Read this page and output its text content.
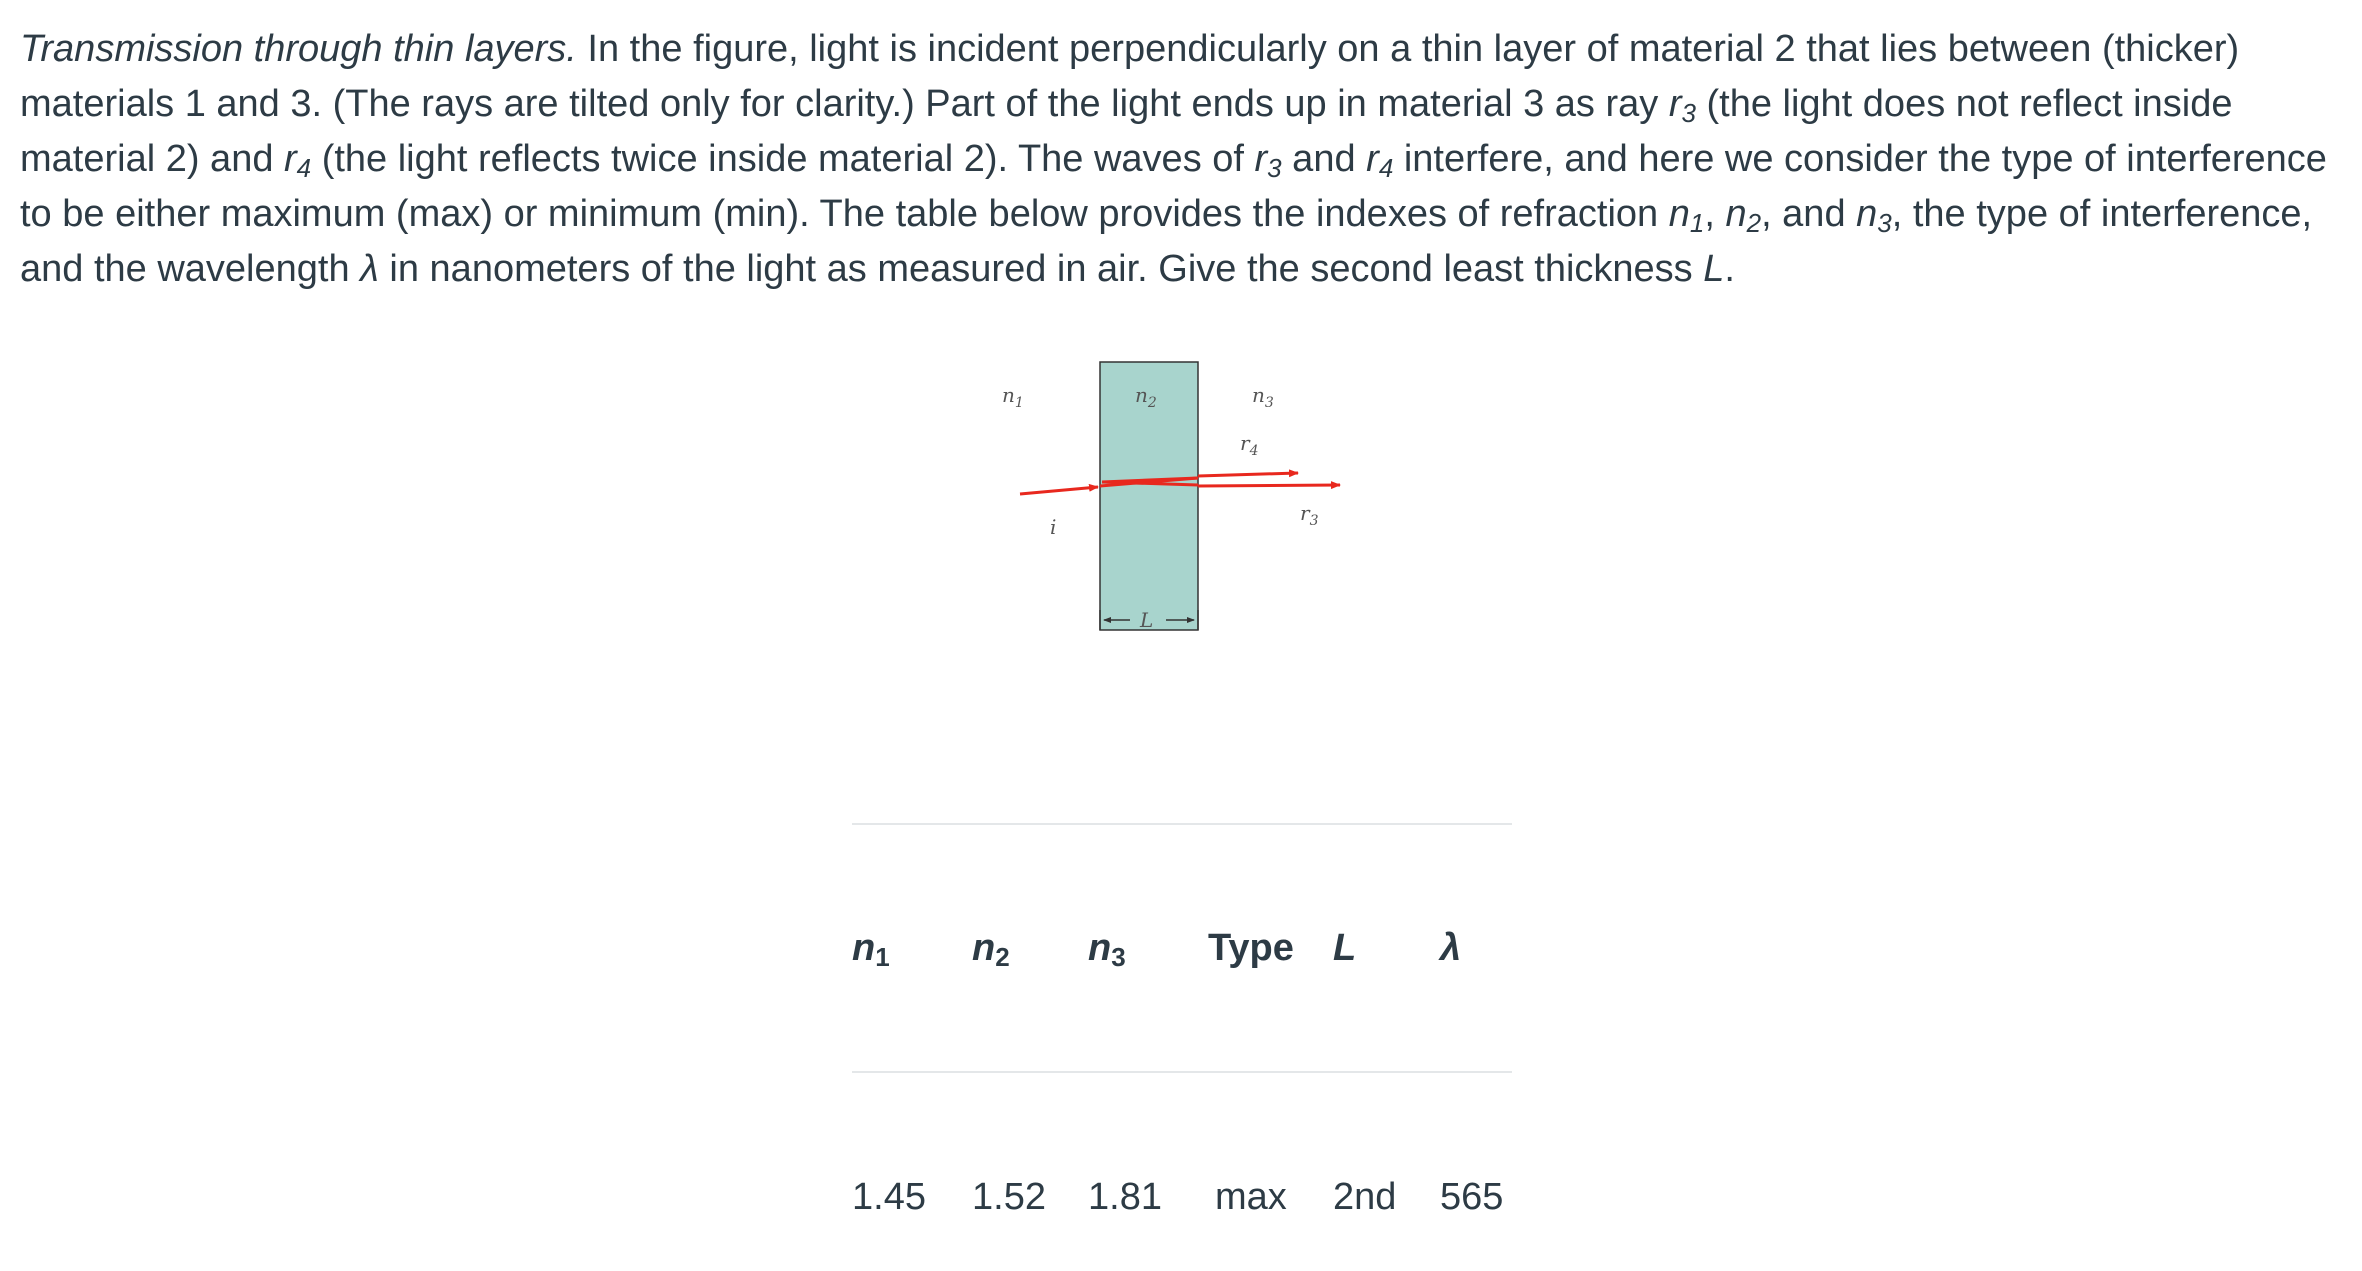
Transmission through thin layers. In the figure, light is incident perpendicularly on a thin layer of material 2 that lies between (thicker) materials 1 and 3. (The rays are tilted only for clarity.) Part of the light ends up in material 3 as ray $r_3$ (the light does not reflect inside material 2) and $r_4$ (the light reflects twice inside material 2). The waves of $r_3$ and $r_4$ interfere, and here we consider the type of interference to be either maximum (max) or minimum (min). The table below provides the indexes of refraction $n_1$, $n_2$, and $n_3$, the type of interference, and the wavelength λ in nanometers of the light as measured in air. Give the second least thickness L.

$n_1$	$n_2$	$n_3$
$r_4$
$r_3$
i
L
$n_1$ $n_2$ $n_3$ Type L λ
1.45 1.52 1.81 max 2nd 565
